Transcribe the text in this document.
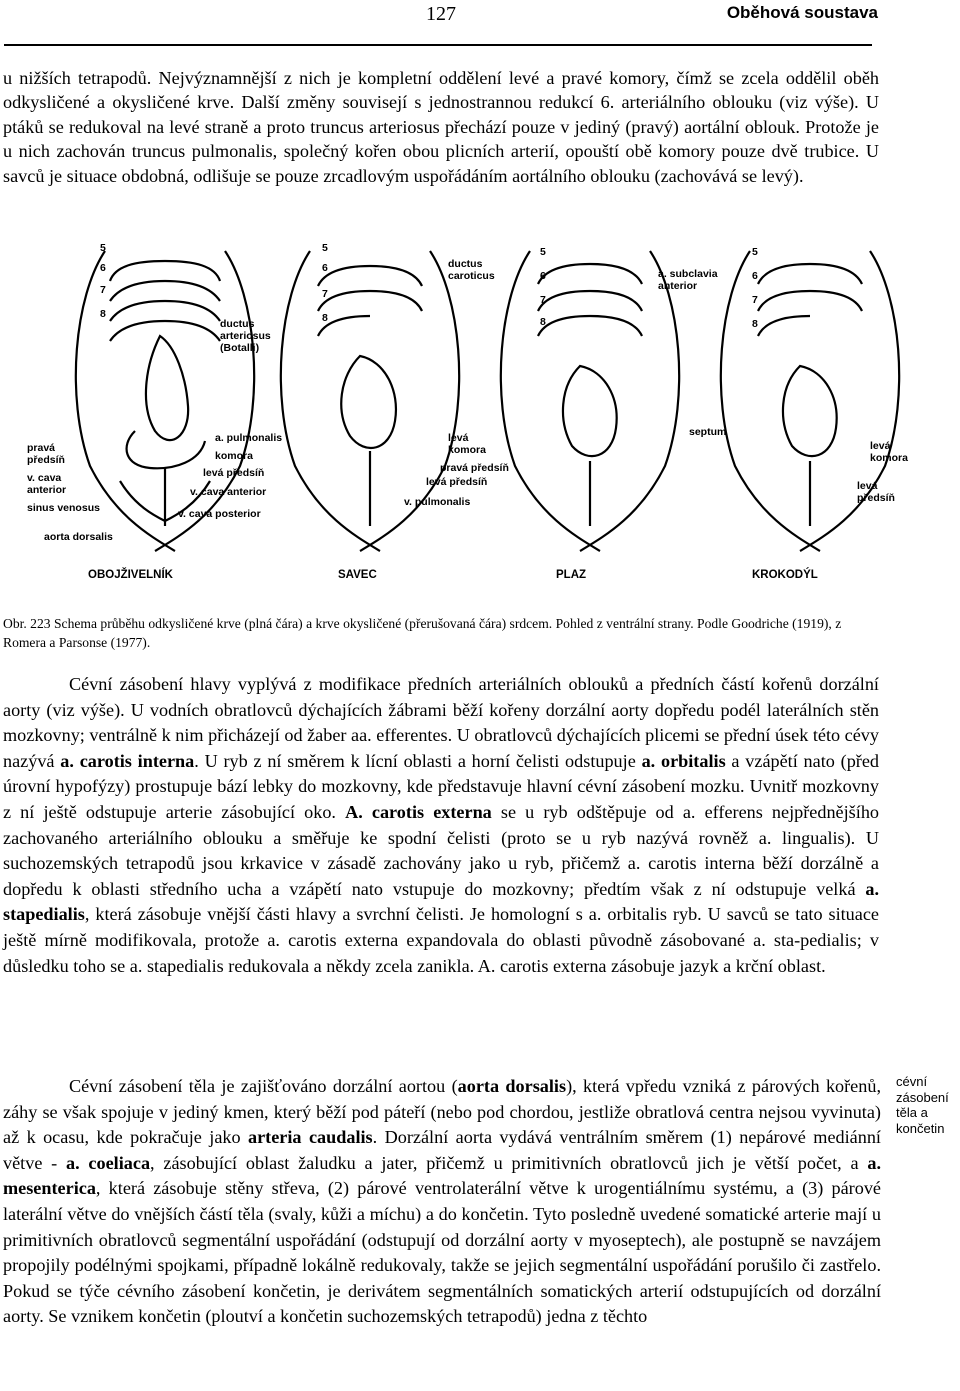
127	Oběhová soustava

u nižších tetrapodů. Nejvýznamnější z nich je kompletní oddělení levé a pravé komory, čímž se zcela oddělil oběh odkysličené a okysličené krve. Další změny souvisejí s jednostrannou redukcí 6. arteriálního oblouku (viz výše). U ptáků se redukoval na levé straně a proto truncus arteriosus přechází pouze v jediný (pravý) aortální oblouk. Protože je u nich zachován truncus pulmonalis, společný kořen obou plicních arterií, opouští obě komory pouze dvě trubice. U savců je situace obdobná, odlišuje se pouze zrcadlovým uspořádáním aortálního oblouku (zachovává se levý).

5
6
7
8
5
6
7
8
5
6
7
8
5
6
7
8
ductus arteriosus (Botalli)
pravá předsíň
v. cava anterior
sinus venosus
aorta dorsalis
a. pulmonalis
komora
levá předsíň
v. cava anterior
v. cava posterior
ductus caroticus
levá komora
pravá předsíň
levá předsíň
v. pulmonalis
a. subclavia anterior
septum
levá komora
levá předsíň
OBOJŽIVELNÍK	SAVEC	PLAZ	KROKODÝL

Obr. 223 Schema průběhu odkysličené krve (plná čára) a krve okysličené (přerušovaná čára) srdcem. Pohled z ventrální strany. Podle Goodriche (1919), z Romera a Parsonse (1977).

Cévní zásobení hlavy vyplývá z modifikace předních arteriálních oblouků a předních částí kořenů dorzální aorty (viz výše). U vodních obratlovců dýchajících žábrami běží kořeny dorzální aorty dopředu podél laterálních stěn mozkovny; ventrálně k nim přicházejí od žaber aa. efferentes. U obratlovců dýchajících plicemi se přední úsek této cévy nazývá a. carotis interna. U ryb z ní směrem k lícní oblasti a horní čelisti odstupuje a. orbitalis a vzápětí nato (před úrovní hypofýzy) prostupuje bází lebky do mozkovny, kde představuje hlavní cévní zásobení mozku. Uvnitř mozkovny z ní ještě odstupuje arterie zásobující oko. A. carotis externa se u ryb odštěpuje od a. efferens nejpřednějšího zachovaného arteriálního oblouku a směřuje ke spodní čelisti (proto se u ryb nazývá rovněž a. lingualis). U suchozemských tetrapodů jsou krkavice v zásadě zachovány jako u ryb, přičemž a. carotis interna běží dorzálně a dopředu k oblasti středního ucha a vzápětí nato vstupuje do mozkovny; předtím však z ní odstupuje velká a. stapedialis, která zásobuje vnější části hlavy a svrchní čelisti. Je homologní s a. orbitalis ryb. U savců se tato situace ještě mírně modifikovala, protože a. carotis externa expandovala do oblasti původně zásobované a. sta-pedialis; v důsledku toho se a. stapedialis redukovala a někdy zcela zanikla. A. carotis externa zásobuje jazyk a krční oblast.

Cévní zásobení těla je zajišťováno dorzální aortou (aorta dorsalis), která vpředu vzniká z párových kořenů, záhy se však spojuje v jediný kmen, který běží pod páteří (nebo pod chordou, jestliže obratlová centra nejsou vyvinuta) až k ocasu, kde pokračuje jako arteria caudalis. Dorzální aorta vydává ventrálním směrem (1) nepárové mediánní větve - a. coeliaca, zásobující oblast žaludku a jater, přičemž u primitivních obratlovců jich je větší počet, a a. mesenterica, která zásobuje stěny střeva, (2) párové ventrolaterální větve k urogentiálnímu systému, a (3) párové laterální větve do vnějších částí těla (svaly, kůži a míchu) a do končetin. Tyto posledně uvedené somatické arterie mají u primitivních obratlovců segmentální uspořádání (odstupují od dorzální aorty v myoseptech), ale postupně se navzájem propojily podélnými spojkami, případně lokálně redukovaly, takže se jejich segmentální uspořádání porušilo či zastřelo. Pokud se týče cévního zásobení končetin, je derivátem segmentálních somatických arterií odstupujících od dorzální aorty. Se vznikem končetin (ploutví a končetin suchozemských tetrapodů) jedna z těchto

cévní zásobení těla a končetin
